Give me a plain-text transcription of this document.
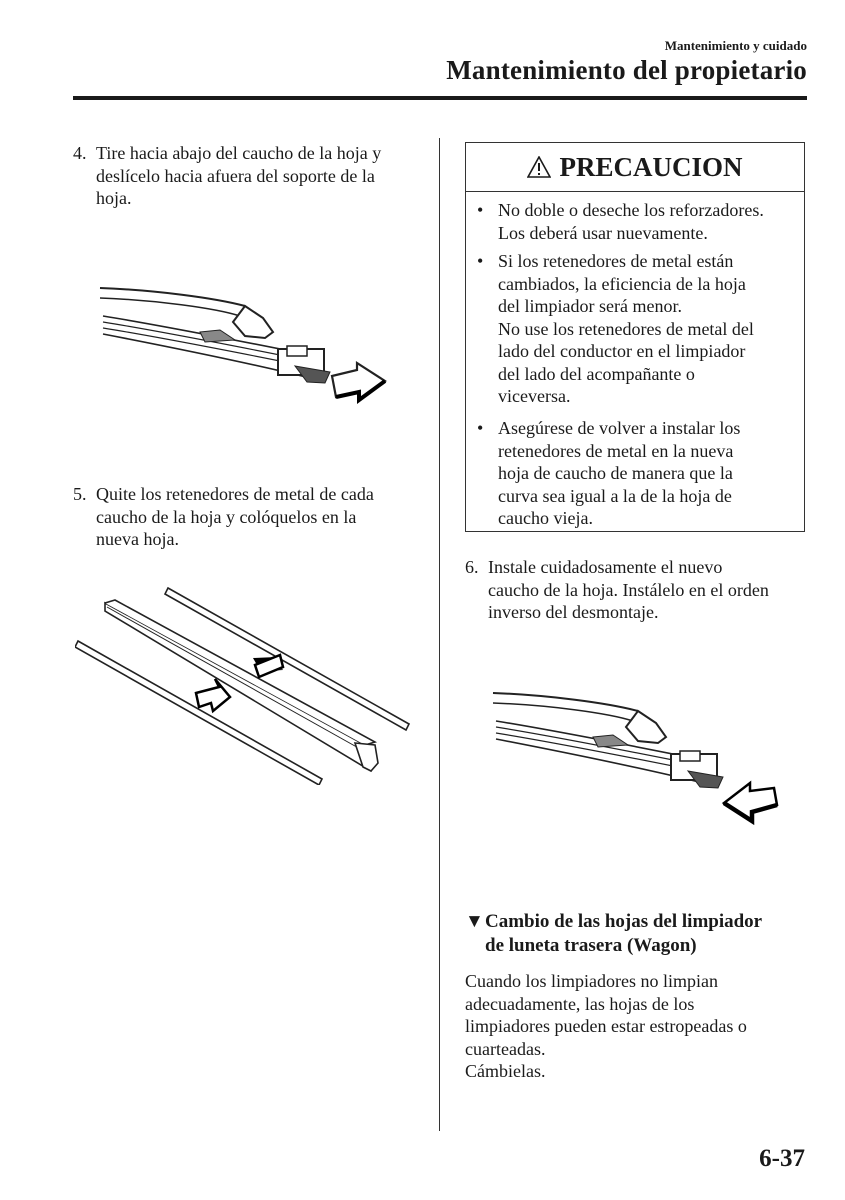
Mantenimiento y cuidado
Mantenimiento del propietario
4. Tire hacia abajo del caucho de la hoja y
deslícelo hacia afuera del soporte de la
hoja.
5. Quite los retenedores de metal de cada
caucho de la hoja y colóquelos en la
nueva hoja.
PRECAUCION
• No doble o deseche los reforzadores.
Los deberá usar nuevamente.
• Si los retenedores de metal están
cambiados, la eficiencia de la hoja
del limpiador será menor.
No use los retenedores de metal del
lado del conductor en el limpiador
del lado del acompañante o
viceversa.
• Asegúrese de volver a instalar los
retenedores de metal en la nueva
hoja de caucho de manera que la
curva sea igual a la de la hoja de
caucho vieja.
6. Instale cuidadosamente el nuevo
caucho de la hoja. Instálelo en el orden
inverso del desmontaje.
▼ Cambio de las hojas del limpiador
de luneta trasera (Wagon)
Cuando los limpiadores no limpian
adecuadamente, las hojas de los
limpiadores pueden estar estropeadas o
cuarteadas.
Cámbielas.
6-37
